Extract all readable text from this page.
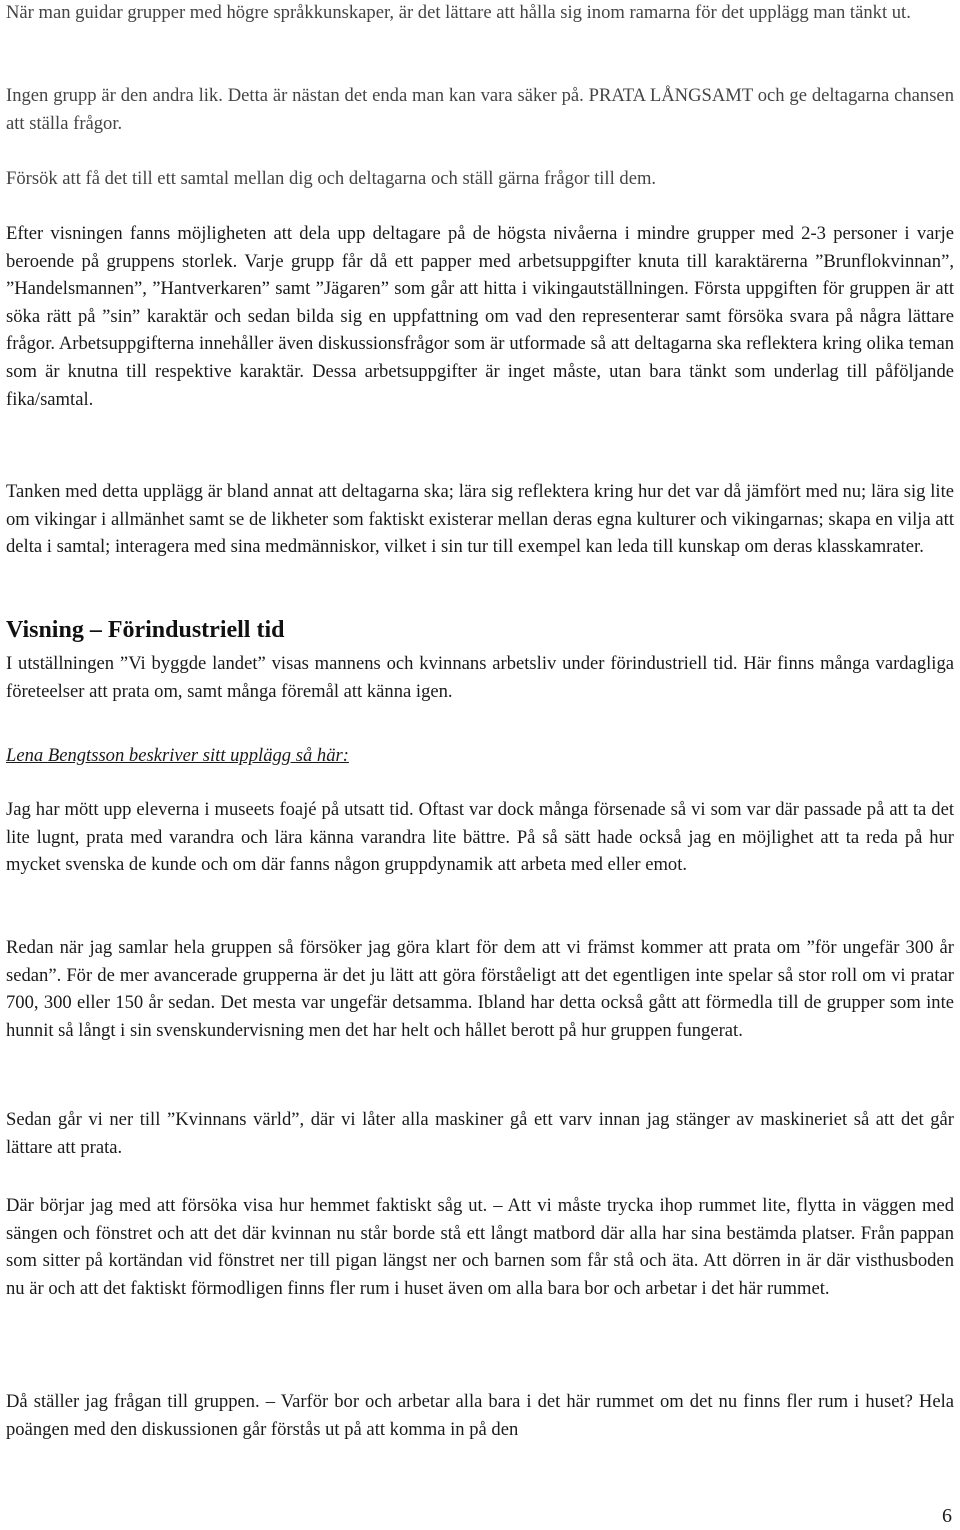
När man guidar grupper med högre språkkunskaper, är det lättare att hålla sig inom ramarna för det upplägg man tänkt ut.

Ingen grupp är den andra lik. Detta är nästan det enda man kan vara säker på. PRATA LÅNGSAMT och ge deltagarna chansen att ställa frågor.

Försök att få det till ett samtal mellan dig och deltagarna och ställ gärna frågor till dem.

Efter visningen fanns möjligheten att dela upp deltagare på de högsta nivåerna i mindre grupper med 2-3 personer i varje beroende på gruppens storlek. Varje grupp får då ett papper med arbetsuppgifter knuta till karaktärerna ”Brunflokvinnan”, ”Handelsmannen”, ”Hantverkaren” samt ”Jägaren” som går att hitta i vikingautställningen. Första uppgiften för gruppen är att söka rätt på ”sin” karaktär och sedan bilda sig en uppfattning om vad den representerar samt försöka svara på några lättare frågor. Arbetsuppgifterna innehåller även diskussionsfrågor som är utformade så att deltagarna ska reflektera kring olika teman som är knutna till respektive karaktär. Dessa arbetsuppgifter är inget måste, utan bara tänkt som underlag till påföljande fika/samtal.

Tanken med detta upplägg är bland annat att deltagarna ska; lära sig reflektera kring hur det var då jämfört med nu; lära sig lite om vikingar i allmänhet samt se de likheter som faktiskt existerar mellan deras egna kulturer och vikingarnas; skapa en vilja att delta i samtal; interagera med sina medmänniskor, vilket i sin tur till exempel kan leda till kunskap om deras klasskamrater.

Visning – Förindustriell tid

I utställningen ”Vi byggde landet” visas mannens och kvinnans arbetsliv under förindustriell tid. Här finns många vardagliga företeelser att prata om, samt många föremål att känna igen.

Lena Bengtsson beskriver sitt upplägg så här:

Jag har mött upp eleverna i museets foajé på utsatt tid. Oftast var dock många försenade så vi som var där passade på att ta det lite lugnt, prata med varandra och lära känna varandra lite bättre. På så sätt hade också jag en möjlighet att ta reda på hur mycket svenska de kunde och om där fanns någon gruppdynamik att arbeta med eller emot.

Redan när jag samlar hela gruppen så försöker jag göra klart för dem att vi främst kommer att prata om ”för ungefär 300 år sedan”. För de mer avancerade grupperna är det ju lätt att göra förståeligt att det egentligen inte spelar så stor roll om vi pratar 700, 300 eller 150 år sedan. Det mesta var ungefär detsamma. Ibland har detta också gått att förmedla till de grupper som inte hunnit så långt i sin svenskundervisning men det har helt och hållet berott på hur gruppen fungerat.

Sedan går vi ner till ”Kvinnans värld”, där vi låter alla maskiner gå ett varv innan jag stänger av maskineriet så att det går lättare att prata.

Där börjar jag med att försöka visa hur hemmet faktiskt såg ut. – Att vi måste trycka ihop rummet lite, flytta in väggen med sängen och fönstret och att det där kvinnan nu står borde stå ett långt matbord där alla har sina bestämda platser. Från pappan som sitter på kortändan vid fönstret ner till pigan längst ner och barnen som får stå och äta. Att dörren in är där visthusboden nu är och att det faktiskt förmodligen finns fler rum i huset även om alla bara bor och arbetar i det här rummet.

Då ställer jag frågan till gruppen. – Varför bor och arbetar alla bara i det här rummet om det nu finns fler rum i huset? Hela poängen med den diskussionen går förstås ut på att komma in på den

6
